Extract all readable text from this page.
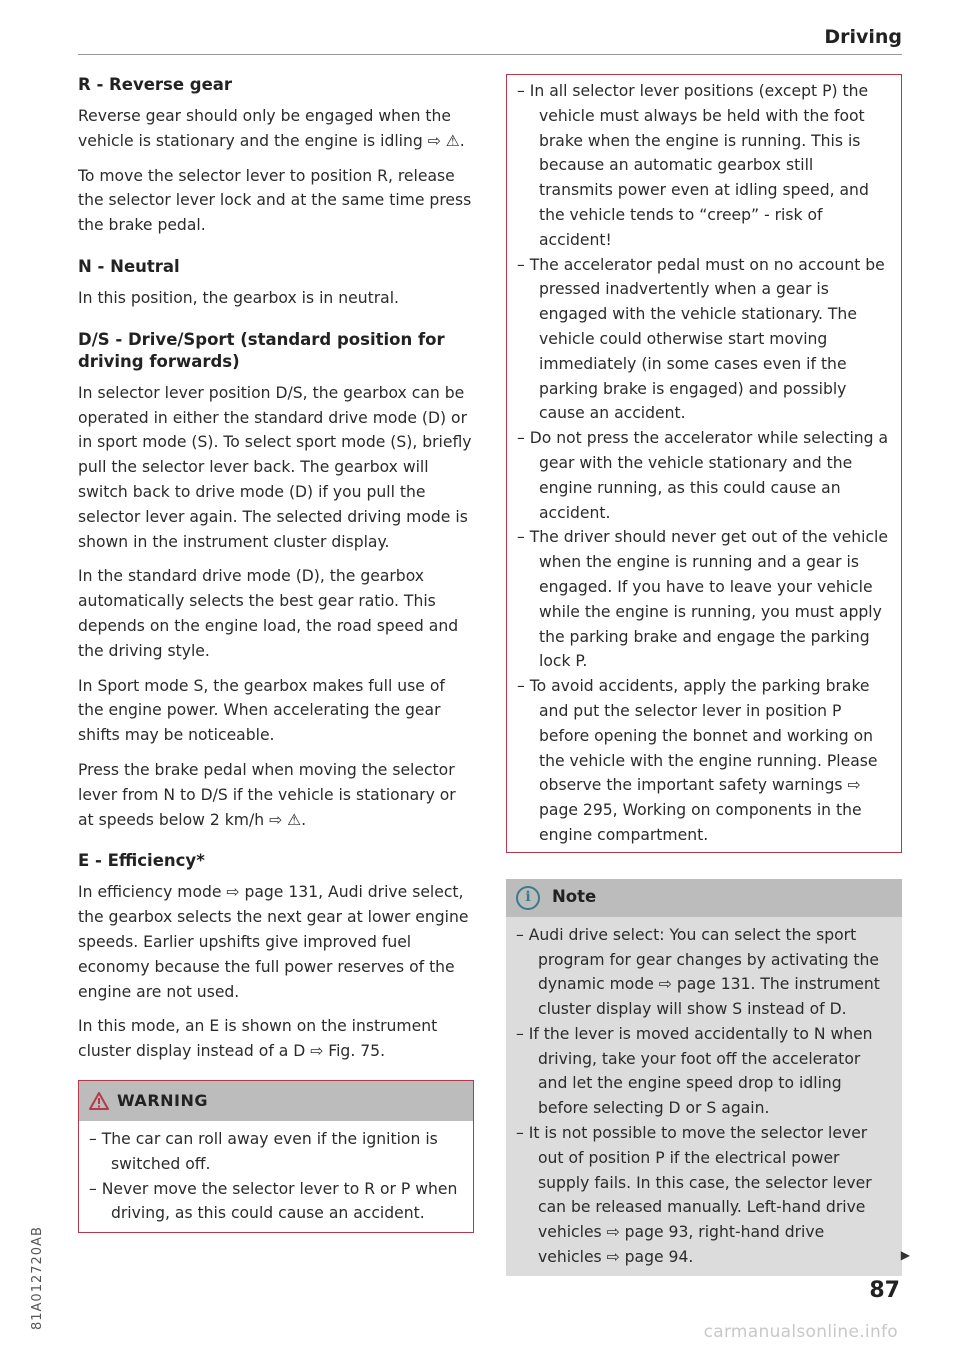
Driving
R - Reverse gear

Reverse gear should only be engaged when the vehicle is stationary and the engine is idling ⇨ ⚠.

To move the selector lever to position R, release the selector lever lock and at the same time press the brake pedal.

N - Neutral

In this position, the gearbox is in neutral.

D/S - Drive/Sport (standard position for driving forwards)

In selector lever position D/S, the gearbox can be operated in either the standard drive mode (D) or in sport mode (S). To select sport mode (S), briefly pull the selector lever back. The gearbox will switch back to drive mode (D) if you pull the selector lever again. The selected driving mode is shown in the instrument cluster display.

In the standard drive mode (D), the gearbox automatically selects the best gear ratio. This depends on the engine load, the road speed and the driving style.

In Sport mode S, the gearbox makes full use of the engine power. When accelerating the gear shifts may be noticeable.

Press the brake pedal when moving the selector lever from N to D/S if the vehicle is stationary or at speeds below 2 km/h ⇨ ⚠.

E - Efficiency*

In efficiency mode ⇨ page 131, Audi drive select, the gearbox selects the next gear at lower engine speeds. Earlier upshifts give improved fuel economy because the full power reserves of the engine are not used.

In this mode, an E is shown on the instrument cluster display instead of a D ⇨ Fig. 75.

WARNING

– The car can roll away even if the ignition is switched off.

– Never move the selector lever to R or P when driving, as this could cause an accident.

– In all selector lever positions (except P) the vehicle must always be held with the foot brake when the engine is running. This is because an automatic gearbox still transmits power even at idling speed, and the vehicle tends to “creep” - risk of accident!

– The accelerator pedal must on no account be pressed inadvertently when a gear is engaged with the vehicle stationary. The vehicle could otherwise start moving immediately (in some cases even if the parking brake is engaged) and possibly cause an accident.

– Do not press the accelerator while selecting a gear with the vehicle stationary and the engine running, as this could cause an accident.

– The driver should never get out of the vehicle when the engine is running and a gear is engaged. If you have to leave your vehicle while the engine is running, you must apply the parking brake and engage the parking lock P.

– To avoid accidents, apply the parking brake and put the selector lever in position P before opening the bonnet and working on the vehicle with the engine running. Please observe the important safety warnings ⇨ page 295, Working on components in the engine compartment.

i	Note

– Audi drive select: You can select the sport program for gear changes by activating the dynamic mode ⇨ page 131. The instrument cluster display will show S instead of D.

– If the lever is moved accidentally to N when driving, take your foot off the accelerator and let the engine speed drop to idling before selecting D or S again.

– It is not possible to move the selector lever out of position P if the electrical power supply fails. In this case, the selector lever can be released manually. Left-hand drive vehicles ⇨ page 93, right-hand drive vehicles ⇨ page 94.	▶
81A012720AB	87
carmanualsonline.info
